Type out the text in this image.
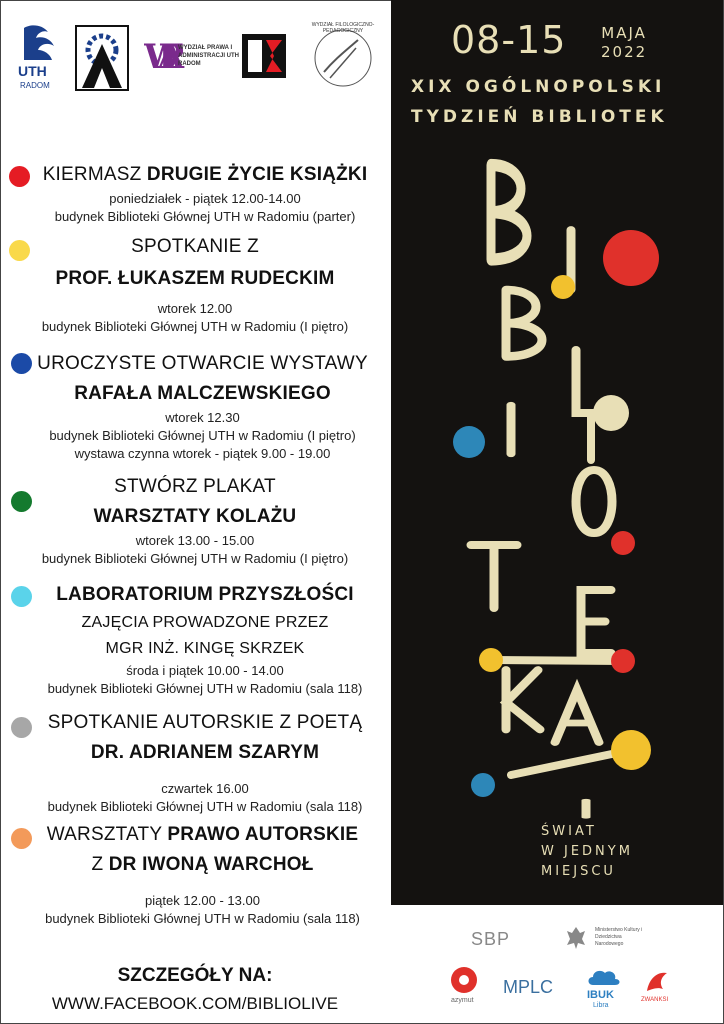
UTH
RADOM
WPA
WYDZIAŁ PRAWA I ADMINISTRACJI UTH RADOM
WYDZIAŁ FILOLOGICZNO-PEDAGOGICZNY
KIERMASZ DRUGIE ŻYCIE KSIĄŻKI
poniedziałek - piątek 12.00-14.00
budynek Biblioteki Głównej UTH w Radomiu (parter)
SPOTKANIE Z
PROF. ŁUKASZEM RUDECKIM
wtorek 12.00
budynek Biblioteki Głównej UTH w Radomiu (I piętro)
UROCZYSTE OTWARCIE WYSTAWY
RAFAŁA MALCZEWSKIEGO
wtorek 12.30
budynek Biblioteki Głównej UTH w Radomiu (I piętro)
wystawa czynna wtorek - piątek 9.00 - 19.00
STWÓRZ PLAKAT
WARSZTATY KOLAŻU
wtorek 13.00 - 15.00
budynek Biblioteki Głównej UTH w Radomiu (I piętro)
LABORATORIUM PRZYSZŁOŚCI
ZAJĘCIA PROWADZONE PRZEZ
MGR INŻ. KINGĘ SKRZEK
środa i piątek 10.00 - 14.00
budynek Biblioteki Głównej UTH w Radomiu (sala 118)
SPOTKANIE AUTORSKIE Z POETĄ
DR. ADRIANEM SZARYM
czwartek 16.00
budynek Biblioteki Głównej UTH w Radomiu (sala 118)
WARSZTATY PRAWO AUTORSKIE
Z DR IWONĄ WARCHOŁ
piątek 12.00 - 13.00
budynek Biblioteki Głównej UTH w Radomiu (sala 118)
SZCZEGÓŁY NA:
WWW.FACEBOOK.COM/BIBLIOLIVE
08-15 MAJA
2022
XIX OGÓLNOPOLSKI
TYDZIEŃ BIBLIOTEK
ŚWIAT
W JEDNYM
MIEJSCU
SBP	Ministerstwo Kultury i Dziedzictwa Narodowego
azymut
MPLC	IBUK
Libra
ZWANKSI
